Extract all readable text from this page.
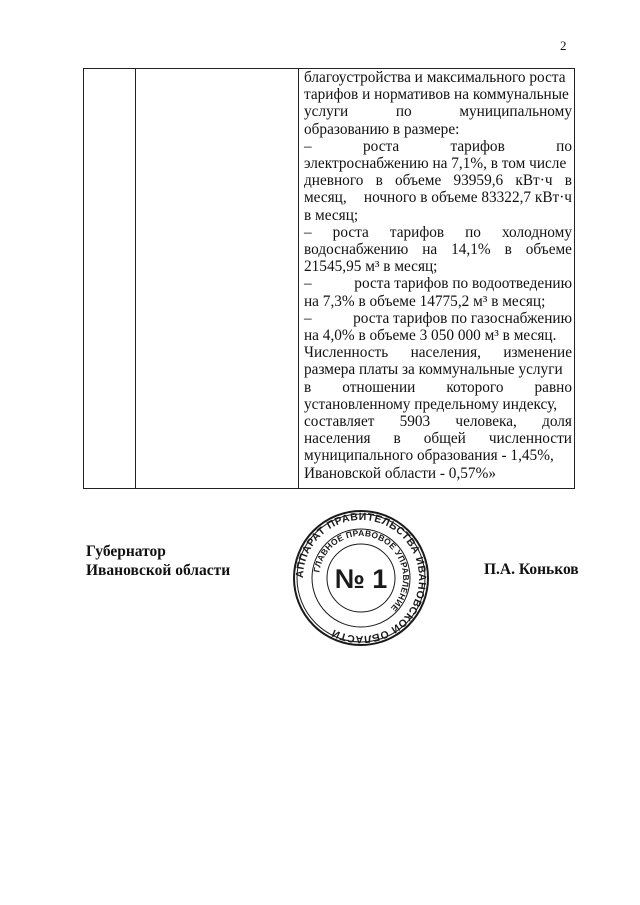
2

благоустройства и максимального роста
тарифов и нормативов на коммунальные
услуги	по	муниципальному
образованию в размере:
–	роста	тарифов	по
электроснабжению на 7,1%, в том числе
дневного в объеме 93959,6 кВт·ч в
месяц, ночного в объеме 83322,7 кВт·ч
в месяц;
– роста тарифов по холодному
водоснабжению на 14,1% в объеме
21545,95 м³ в месяц;
–	роста тарифов по водоотведению
на 7,3% в объеме 14775,2 м³ в месяц;
–	роста тарифов по газоснабжению
на 4,0% в объеме 3 050 000 м³ в месяц.
Численность населения, изменение
размера платы за коммунальные услуги
в отношении которого равно
установленному предельному индексу,
составляет 5903 человека, доля
населения в общей численности
муниципального образования - 1,45%,
Ивановской области - 0,57%»
Губернатор
Ивановской области	П.А. Коньков
АППАРАТ ПРАВИТЕЛЬСТВА ИВАНОВСКОЙ ОБЛАСТИ
ГЛАВНОЕ ПРАВОВОЕ УПРАВЛЕНИЕ
№ 1
